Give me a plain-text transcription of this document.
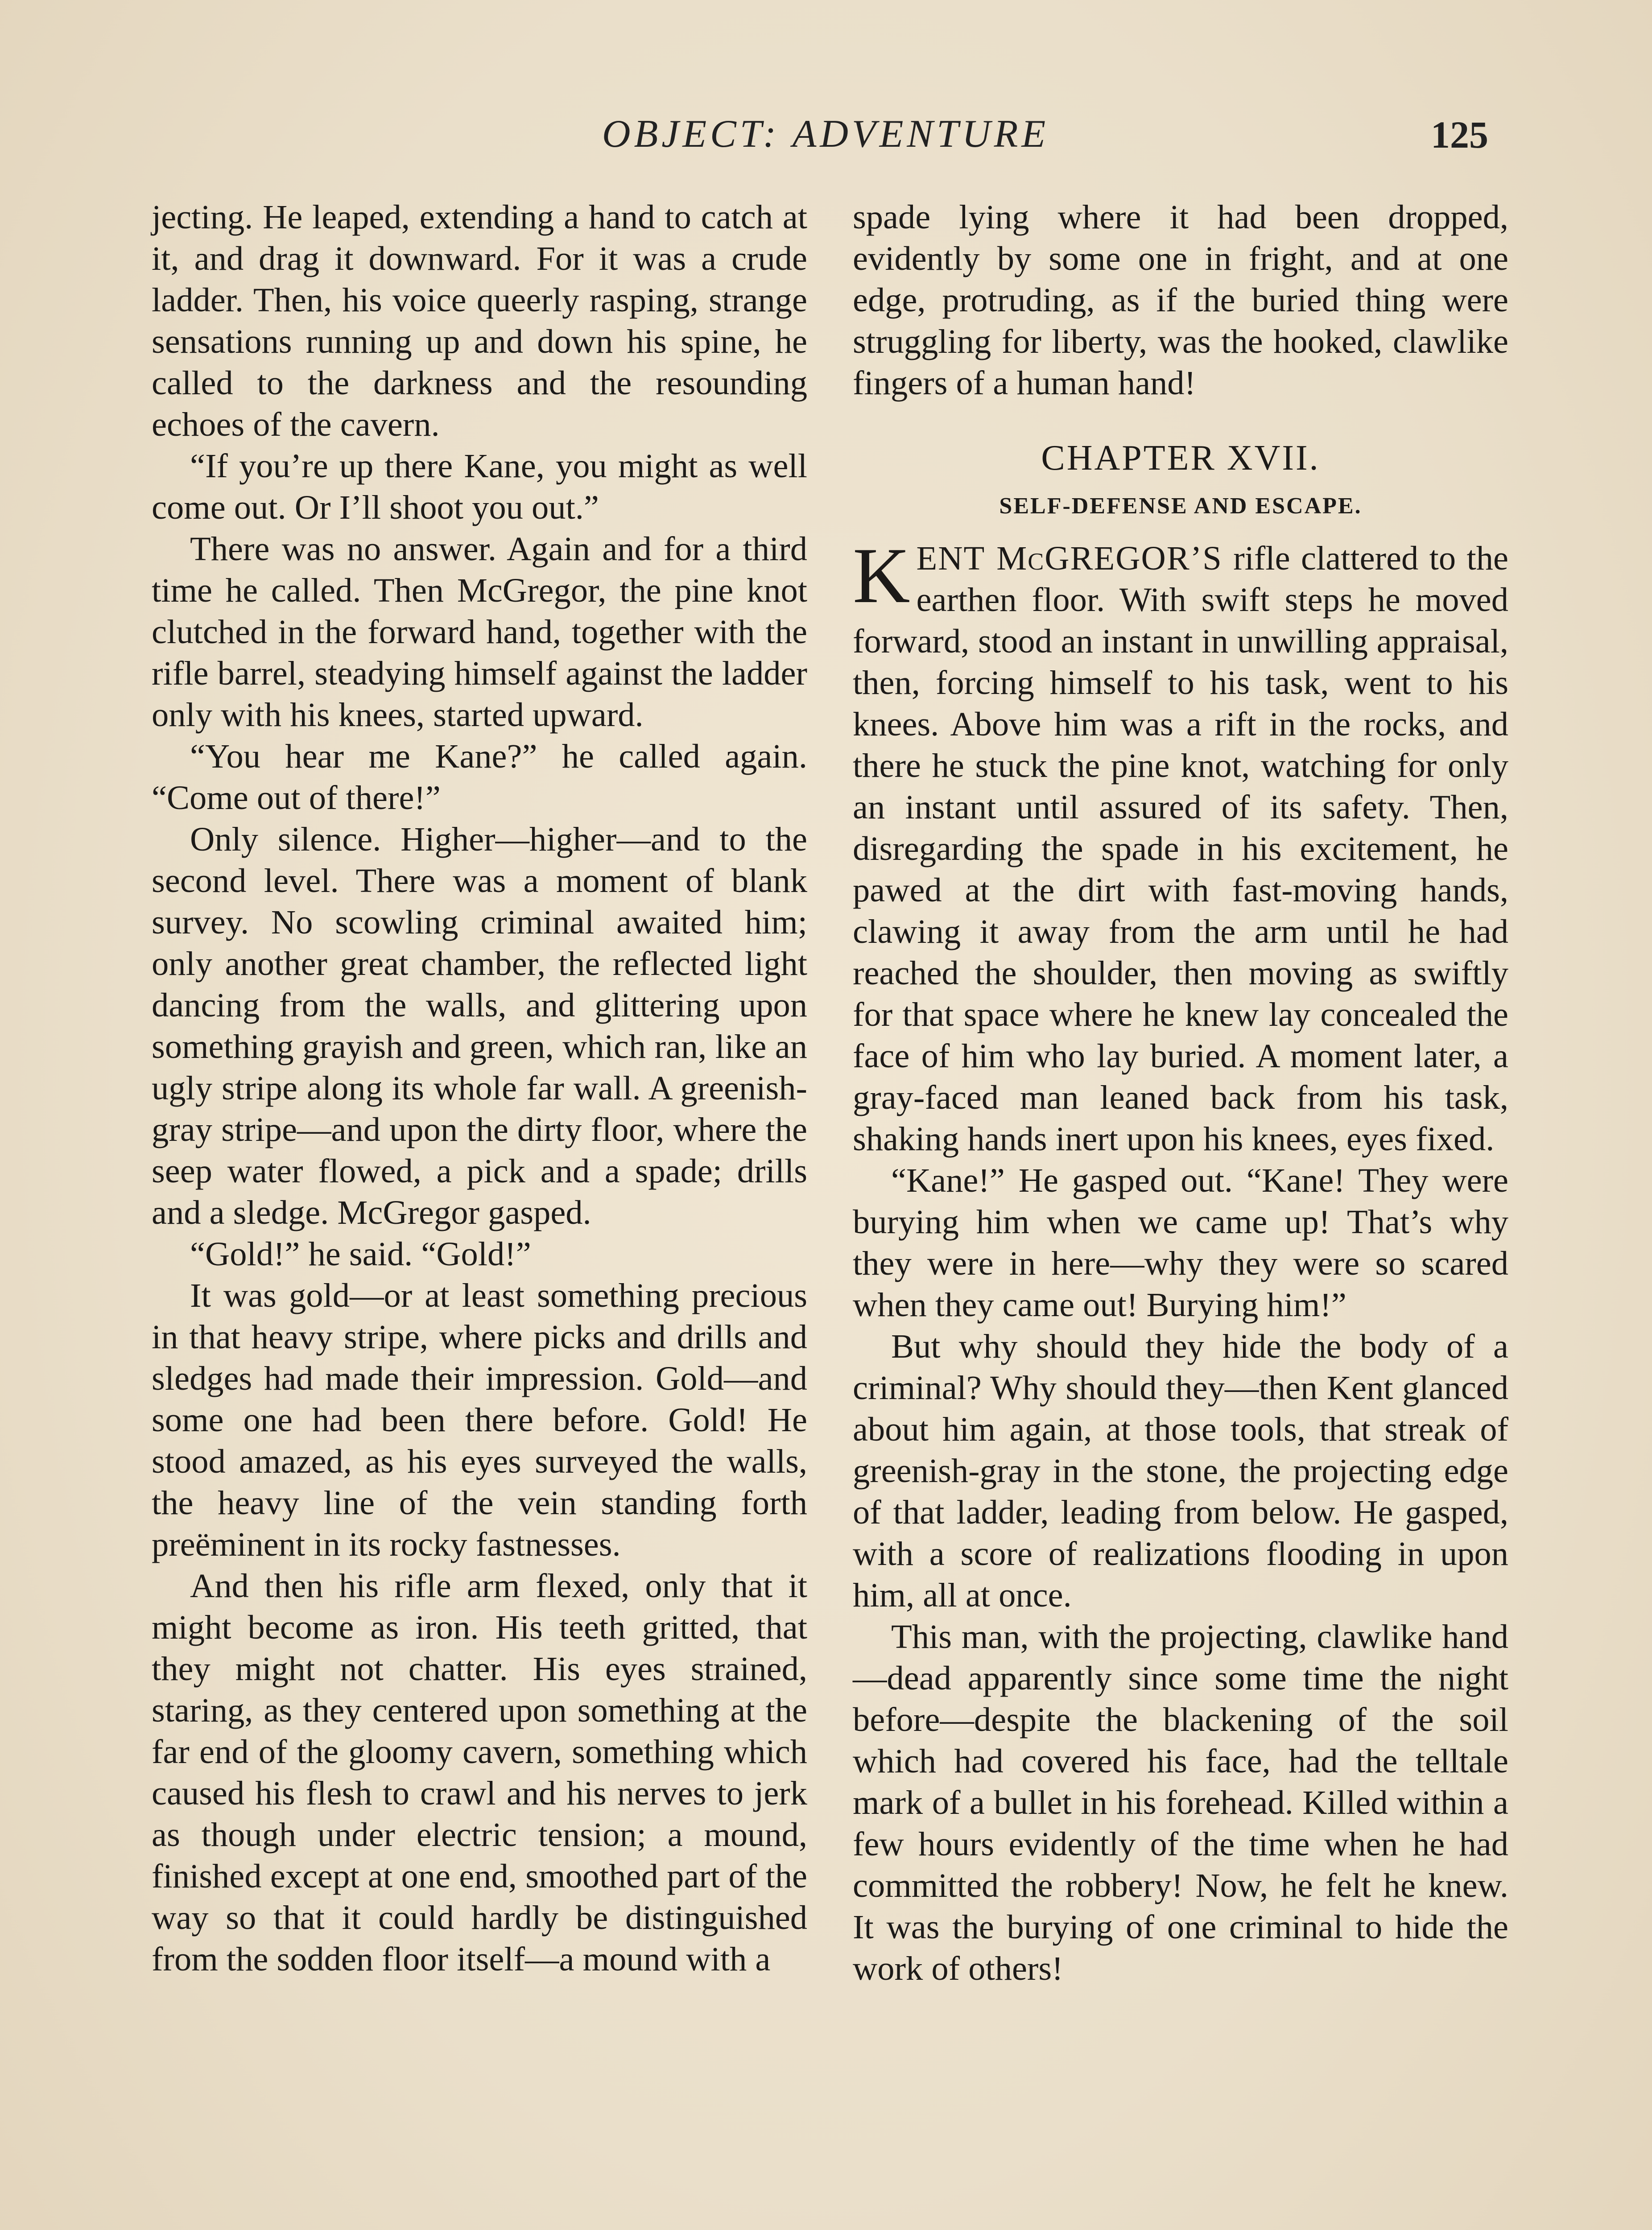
OBJECT: ADVENTURE	125

jecting. He leaped, extending a hand to catch at it, and drag it downward. For it was a crude ladder. Then, his voice queerly rasping, strange sensations running up and down his spine, he called to the darkness and the resounding echoes of the cavern.

“If you’re up there Kane, you might as well come out. Or I’ll shoot you out.”

There was no answer. Again and for a third time he called. Then McGregor, the pine knot clutched in the forward hand, together with the rifle barrel, steadying himself against the ladder only with his knees, started upward.

“You hear me Kane?” he called again. “Come out of there!”

Only silence. Higher—higher—and to the second level. There was a moment of blank survey. No scowling criminal awaited him; only another great chamber, the reflected light dancing from the walls, and glittering upon something grayish and green, which ran, like an ugly stripe along its whole far wall. A greenish-gray stripe—and upon the dirty floor, where the seep water flowed, a pick and a spade; drills and a sledge. McGregor gasped.

“Gold!” he said. “Gold!”

It was gold—or at least something precious in that heavy stripe, where picks and drills and sledges had made their impression. Gold—and some one had been there before. Gold! He stood amazed, as his eyes surveyed the walls, the heavy line of the vein standing forth preëminent in its rocky fastnesses.

And then his rifle arm flexed, only that it might become as iron. His teeth gritted, that they might not chatter. His eyes strained, staring, as they centered upon something at the far end of the gloomy cavern, something which caused his flesh to crawl and his nerves to jerk as though under electric tension; a mound, finished except at one end, smoothed part of the way so that it could hardly be distinguished from the sodden floor itself—a mound with a

spade lying where it had been dropped, evidently by some one in fright, and at one edge, protruding, as if the buried thing were struggling for liberty, was the hooked, clawlike fingers of a human hand!

CHAPTER XVII.
SELF-DEFENSE AND ESCAPE.

KENT McGREGOR’S rifle clattered to the earthen floor. With swift steps he moved forward, stood an instant in unwilling appraisal, then, forcing himself to his task, went to his knees. Above him was a rift in the rocks, and there he stuck the pine knot, watching for only an instant until assured of its safety. Then, disregarding the spade in his excitement, he pawed at the dirt with fast-moving hands, clawing it away from the arm until he had reached the shoulder, then moving as swiftly for that space where he knew lay concealed the face of him who lay buried. A moment later, a gray-faced man leaned back from his task, shaking hands inert upon his knees, eyes fixed.

“Kane!” He gasped out. “Kane! They were burying him when we came up! That’s why they were in here—why they were so scared when they came out! Burying him!”

But why should they hide the body of a criminal? Why should they—then Kent glanced about him again, at those tools, that streak of greenish-gray in the stone, the projecting edge of that ladder, leading from below. He gasped, with a score of realizations flooding in upon him, all at once.

This man, with the projecting, clawlike hand—dead apparently since some time the night before—despite the blackening of the soil which had covered his face, had the telltale mark of a bullet in his forehead. Killed within a few hours evidently of the time when he had committed the robbery! Now, he felt he knew. It was the burying of one criminal to hide the work of others!
